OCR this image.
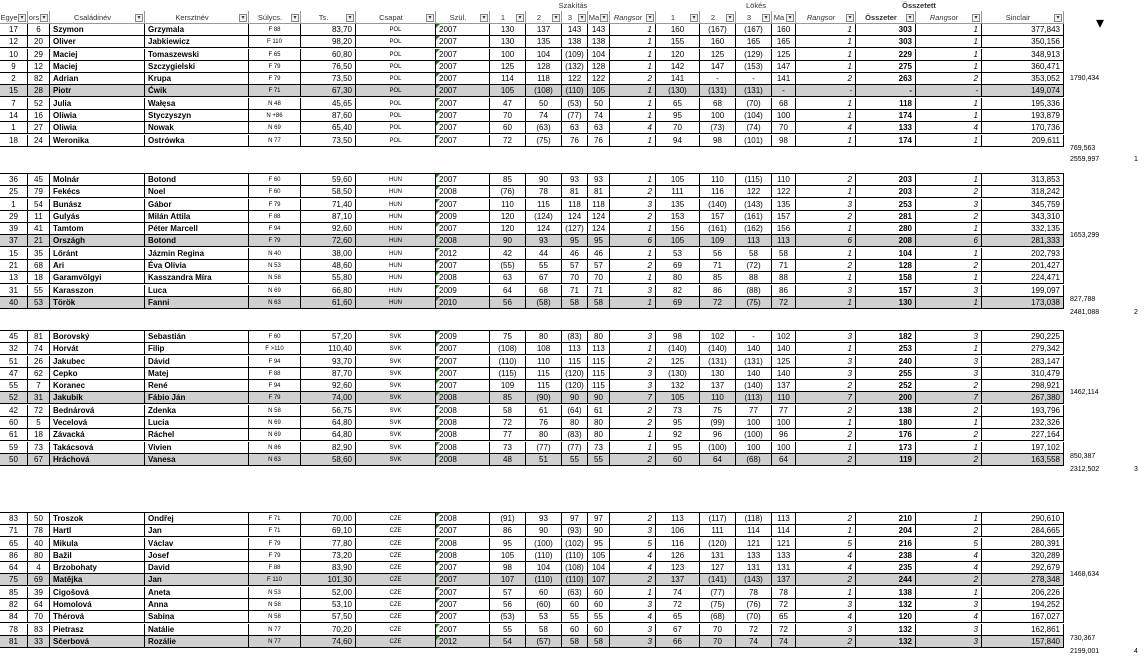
Egye ▾ ors ▾	Családinév	▾	Kersztnév	▾	Súlycs.	▾	Ts.	▾	Csapat	▾	Szül.	▾	1	▾	2	▾	3	▾ Ma ▾	Rangsor	▾	1	▾	2	▾	3	▾ Ma ▾	Rangsor	▾	Összeter	▾	Rangsor	▾	Sinclair	▾ ▾
Szakítás	Lökés	Összetett
17	6	Szymon	Grzymala	F 88	83,70	POL	2007	130	137	143	143	1	160	(167)	(167)	160	1	303	1	377,843
12	20	Oliver	Jabkiewicz	F 110	98,20	POL	2007	130	135	138	138	1	155	160	165	165	1	303	1	350,156
10	29	Maciej	Tomaszewski	F 65	60,80	POL	2007	100	104	(109) 104	1	120	125	(129)	125	1	229	1	348,913
9	12	Maciej	Szczygielski	F 79	76,50	POL	2007	125	128	(132) 128	1	142	147	(153)	147	1	275	1	360,471
2	82	Adrian	Krupa	F 79	73,50	POL	2007	114	118	122	122	2	141	-	-	141	2	263	2	353,052
15	28	Piotr	Ćwik	F 71	67,30	POL	2007	105	(108)	(110)	105	1	(130)	(131)	(131)	-	-	-	-	149,074
7	52	Julia	Wałęsa	N 48	45,65	POL	2007	47	50	(53)	50	1	65	68	(70)	68	1	118	1	195,336
14	16	Oliwia	Styczyszyn	N +86	87,60	POL	2007	70	74	(77)	74	1	95	100	(104)	100	1	174	1	193,879
1	27	Oliwia	Nowak	N 69	65,40	POL	2007	60	(63)	63	63	4	70	(73)	(74)	70	4	133	4	170,736
18	24	Weronika	Ostrówka	N 77	73,50	POL	2007	72	(75)	76	76	1	94	98	(101)	98	1	174	1	209,611
1790,434
769,563
2559,997	1
36	45	Molnár	Botond	F 60	59,60	HUN	2007	85	90	93	93	1	105	110	(115)	110	2	203	1	313,853
25	79	Fekécs	Noel	F 60	58,50	HUN	2008	(76)	78	81	81	2	111	116	122	122	1	203	2	318,242
1	54	Bunász	Gábor	F 79	71,40	HUN	2007	110	115	118	118	3	135	(140)	(143)	135	3	253	3	345,759
29	11	Gulyás	Milán Attila	F 88	87,10	HUN	2009	120	(124)	124	124	2	153	157	(161)	157	2	281	2	343,310
39	41	Tamtom	Péter Marcell	F 94	92,60	HUN	2007	120	124	(127) 124	1	156	(161)	(162)	156	1	280	1	332,135
37	21	Országh	Botond	F 79	72,60	HUN	2008	90	93	95	95	6	105	109	113	113	6	208	6	281,333
15	35	Lőránt	Jázmin Regina	N 40	38,00	HUN	2012	42	44	46	46	1	53	56	58	58	1	104	1	202,793
21	68	Ari	Éva Olívia	N 53	48,60	HUN	2007	(55)	55	57	57	2	69	71	(72)	71	2	128	2	201,427
13	18	Garamvölgyi	Kasszandra Míra	N 58	55,80	HUN	2008	63	67	70	70	1	80	85	88	88	1	158	1	224,471
31	55	Karasszon	Luca	N 69	66,80	HUN	2009	64	68	71	71	3	82	86	(88)	86	3	157	3	199,097
40	53	Török	Fanni	N 63	61,60	HUN	2010	56	(58)	58	58	1	69	72	(75)	72	1	130	1	173,038
1653,299
827,788
2481,088	2
45	81	Borovský	Sebastián	F 60	57,20	SVK	2009	75	80	(83)	80	3	98	102	-	102	3	182	3	290,225
32	74	Horvát	Filip	F >110	110,40	SVK	2007	(108)	108	113	113	1	(140)	(140)	140	140	1	253	1	279,342
51	26	Jakubec	Dávid	F 94	93,70	SVK	2007	(110)	110	115	115	2	125	(131)	(131)	125	3	240	3	283,147
47	62	Cepko	Matej	F 88	87,70	SVK	2007	(115)	115	(120)	115	3	(130)	130	140	140	3	255	3	310,479
55	7	Koranec	René	F 94	92,60	SVK	2007	109	115	(120)	115	3	132	137	(140)	137	2	252	2	298,921
52	31	Jakubík	Fábio Ján	F 79	74,00	SVK	2008	85	(90)	90	90	7	105	110	(113)	110	7	200	7	267,380
42	72	Bednárová	Zdenka	N 58	56,75	SVK	2008	58	61	(64)	61	2	73	75	77	77	2	138	2	193,796
60	5	Vecelová	Lucia	N 69	64,80	SVK	2008	72	76	80	80	2	95	(99)	100	100	1	180	1	232,326
61	18	Závacká	Ráchel	N 69	64,80	SVK	2008	77	80	(83)	80	1	92	96	(100)	96	2	176	2	227,164
59	73	Takácsová	Vivien	N 86	82,90	SVK	2008	73	(77)	(77)	73	1	95	(100)	100	100	1	173	1	197,102
50	67	Hráchová	Vanesa	N 63	58,60	SVK	2008	48	51	55	55	2	60	64	(68)	64	2	119	2	163,558
1462,114
850,387
2312,502	3
83	50	Troszok	Ondřej	F 71	70,00	CZE	2008	(91)	93	97	97	2	113	(117)	(118)	113	2	210	1	290,610
71	78	Hartl	Jan	F 71	69,10	CZE	2007	86	90	(93)	90	3	106	111	114	114	1	204	2	284,665
65	40	Mikula	Václav	F 79	77,80	CZE	2008	95	(100)	(102)	95	5	116	(120)	121	121	5	216	5	280,391
86	80	Bažil	Josef	F 79	73,20	CZE	2008	105	(110)	(110)	105	4	126	131	133	133	4	238	4	320,289
64	4	Brzobohaty	David	F 88	83,90	CZE	2007	98	104	(108) 104	4	123	127	131	131	4	235	4	292,679
75	69	Matějka	Jan	F 110	101,30	CZE	2007	107	(110)	(110)	107	2	137	(141)	(143)	137	2	244	2	278,348
85	39	Cigošová	Aneta	N 53	52,00	CZE	2007	57	60	(63)	60	1	74	(77)	78	78	1	138	1	206,226
82	64	Homolová	Anna	N 58	53,10	CZE	2007	56	(60)	60	60	3	72	(75)	(76)	72	3	132	3	194,252
84	70	Thérová	Sabina	N 58	57,50	CZE	2007	(53)	53	55	55	4	65	(68)	(70)	65	4	120	4	167,027
78	83	Pietrasz	Natálie	N 77	70,20	CZE	2007	55	58	60	60	3	67	70	72	72	3	132	3	162,861
81	33	Sčerbová	Rozálie	N 77	74,60	CZE	2012	54	(57)	58	58	3	66	70	74	74	2	132	3	157,840
1468,634
730,367
2199,001	4
